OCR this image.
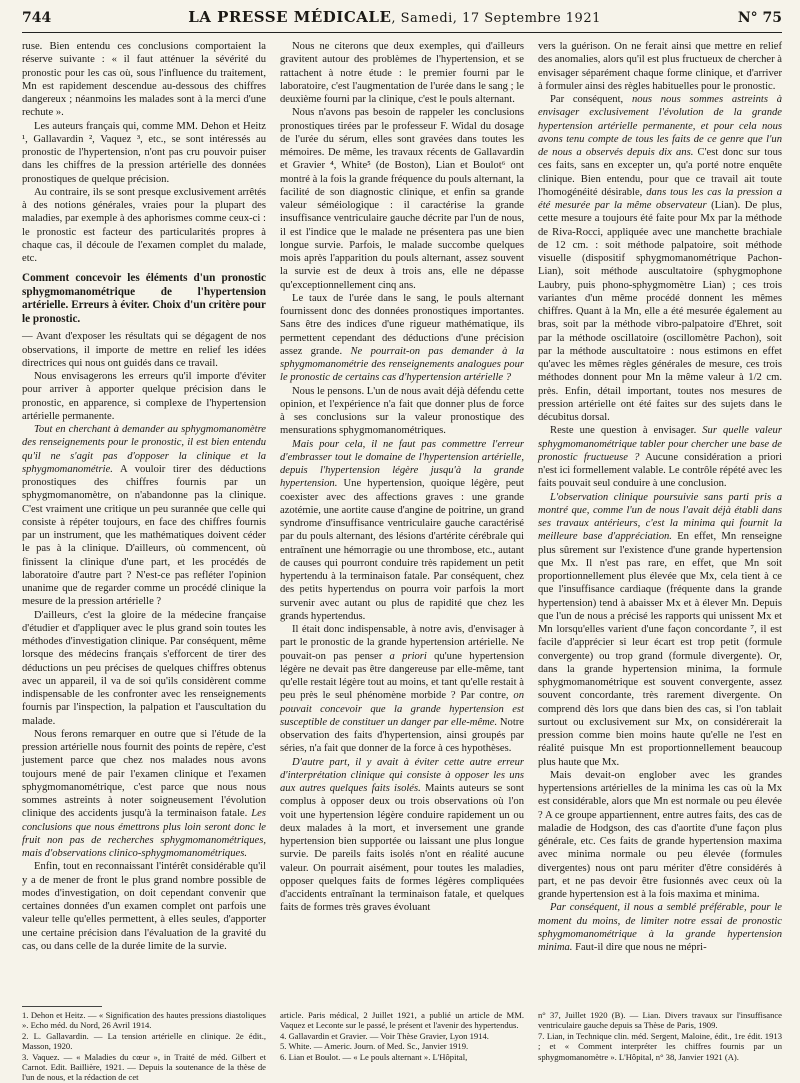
744	LA PRESSE MÉDICALE, Samedi, 17 Septembre 1921	N° 75

ruse. Bien entendu ces conclusions comportaient la réserve suivante : « il faut atténuer la sévérité du pronostic pour les cas où, sous l'influence du traitement, Mn est rapidement descendue au-dessous des chiffres dangereux ; néanmoins les malades sont à la merci d'une rechute ».

Les auteurs français qui, comme MM. Dehon et Heitz ¹, Gallavardin ², Vaquez ³, etc., se sont intéressés au pronostic de l'hypertension, n'ont pas cru pouvoir puiser dans les chiffres de la pression artérielle des données pronostiques de quelque précision.

Au contraire, ils se sont presque exclusivement arrêtés à des notions générales, vraies pour la plupart des maladies, par exemple à des aphorismes comme ceux-ci : le pronostic est facteur des particularités propres à chaque cas, il découle de l'examen complet du malade, etc.

Comment concevoir les éléments d'un pronostic sphygmomanométrique de l'hypertension artérielle. Erreurs à éviter. Choix d'un critère pour le pronostic.

— Avant d'exposer les résultats qui se dégagent de nos observations, il importe de mettre en relief les idées directrices qui nous ont guidés dans ce travail.

Nous envisagerons les erreurs qu'il importe d'éviter pour arriver à apporter quelque précision dans le pronostic, en apparence, si complexe de l'hypertension artérielle permanente.

Tout en cherchant à demander au sphygmomanomètre des renseignements pour le pronostic, il est bien entendu qu'il ne s'agit pas d'opposer la clinique et la sphygmomanométrie. A vouloir tirer des déductions pronostiques des chiffres fournis par un sphygmomanomètre, on n'abandonne pas la clinique. C'est vraiment une critique un peu surannée que celle qui consiste à répéter toujours, en face des chiffres fournis par un instrument, que les mathématiques doivent céder le pas à la clinique. D'ailleurs, où commencent, où finissent la clinique d'une part, et les procédés de laboratoire d'autre part ? N'est-ce pas refléter l'opinion unanime que de regarder comme un procédé clinique la mesure de la pression artérielle ?

D'ailleurs, c'est la gloire de la médecine française d'étudier et d'appliquer avec le plus grand soin toutes les méthodes d'investigation clinique. Par conséquent, même lorsque des médecins français s'efforcent de tirer des déductions un peu précises de quelques chiffres obtenus avec un appareil, il va de soi qu'ils considèrent comme indispensable de les confronter avec les renseignements fournis par l'inspection, la palpation et l'auscultation du malade.

Nous ferons remarquer en outre que si l'étude de la pression artérielle nous fournit des points de repère, c'est justement parce que chez nos malades nous avons toujours mené de pair l'examen clinique et l'examen sphygmomanométrique, c'est parce que nous nous sommes astreints à noter soigneusement l'évolution clinique des accidents jusqu'à la terminaison fatale. Les conclusions que nous émettrons plus loin seront donc le fruit non pas de recherches sphygmomanométriques, mais d'observations clinico-sphygmomanométriques.

Enfin, tout en reconnaissant l'intérêt considérable qu'il y a de mener de front le plus grand nombre possible de modes d'investigation, on doit cependant convenir que certaines données d'un examen complet ont parfois une valeur telle qu'elles permettent, à elles seules, d'apporter une certaine précision dans l'évaluation de la gravité du cas, ou dans celle de la durée limite de la survie.

Nous ne citerons que deux exemples, qui d'ailleurs gravitent autour des problèmes de l'hypertension, et se rattachent à notre étude : le premier fourni par le laboratoire, c'est l'augmentation de l'urée dans le sang ; le deuxième fourni par la clinique, c'est le pouls alternant.

Nous n'avons pas besoin de rappeler les conclusions pronostiques tirées par le professeur F. Widal du dosage de l'urée du sérum, elles sont gravées dans toutes les mémoires. De même, les travaux récents de Gallavardin et Gravier ⁴, White⁵ (de Boston), Lian et Boulot⁶ ont montré à la fois la grande fréquence du pouls alternant, la facilité de son diagnostic clinique, et enfin sa grande valeur séméiologique : il caractérise la grande insuffisance ventriculaire gauche décrite par l'un de nous, il est l'indice que le malade ne présentera pas une bien longue survie. Parfois, le malade succombe quelques mois après l'apparition du pouls alternant, assez souvent la survie est de deux à trois ans, elle ne dépasse qu'exceptionnellement cinq ans.

Le taux de l'urée dans le sang, le pouls alternant fournissent donc des données pronostiques importantes. Sans être des indices d'une rigueur mathématique, ils permettent cependant des déductions d'une précision assez grande. Ne pourrait-on pas demander à la sphygmomanométrie des renseignements analogues pour le pronostic de certains cas d'hypertension artérielle ?

Nous le pensons. L'un de nous avait déjà défendu cette opinion, et l'expérience n'a fait que donner plus de force à ses conclusions sur la valeur pronostique des mensurations sphygmomanométriques.

Mais pour cela, il ne faut pas commettre l'erreur d'embrasser tout le domaine de l'hypertension artérielle, depuis l'hypertension légère jusqu'à la grande hypertension. Une hypertension, quoique légère, peut coexister avec des affections graves : une grande azotémie, une aortite cause d'angine de poitrine, un grand syndrome d'insuffisance ventriculaire gauche caractérisé par du pouls alternant, des lésions d'artérite cérébrale qui entraînent une hémorragie ou une thrombose, etc., autant de causes qui pourront conduire très rapidement un petit hypertendu à la terminaison fatale. Par conséquent, chez des petits hypertendus on pourra voir parfois la mort survenir avec autant ou plus de rapidité que chez les grands hypertendus.

Il était donc indispensable, à notre avis, d'envisager à part le pronostic de la grande hypertension artérielle. Ne pouvait-on pas penser a priori qu'une hypertension légère ne devait pas être dangereuse par elle-même, tant qu'elle restait légère tout au moins, et tant qu'elle restait à peu près le seul phénomène morbide ? Par contre, on pouvait concevoir que la grande hypertension est susceptible de constituer un danger par elle-même. Notre observation des faits d'hypertension, ainsi groupés par séries, n'a fait que donner de la force à ces hypothèses.

D'autre part, il y avait à éviter cette autre erreur d'interprétation clinique qui consiste à opposer les uns aux autres quelques faits isolés. Maints auteurs se sont complus à opposer deux ou trois observations où l'on voit une hypertension légère conduire rapidement un ou deux malades à la mort, et inversement une grande hypertension bien supportée ou laissant une plus longue survie. De pareils faits isolés n'ont en réalité aucune valeur. On pourrait aisément, pour toutes les maladies, opposer quelques faits de formes légères compliquées d'accidents entraînant la terminaison fatale, et quelques faits de formes très graves évoluant

vers la guérison. On ne ferait ainsi que mettre en relief des anomalies, alors qu'il est plus fructueux de chercher à envisager séparément chaque forme clinique, et d'arriver à formuler ainsi des règles habituelles pour le pronostic.

Par conséquent, nous nous sommes astreints à envisager exclusivement l'évolution de la grande hypertension artérielle permanente, et pour cela nous avons tenu compte de tous les faits de ce genre que l'un de nous a observés depuis dix ans. C'est donc sur tous ces faits, sans en excepter un, qu'a porté notre enquête clinique. Bien entendu, pour que ce travail ait toute l'homogénéité désirable, dans tous les cas la pression a été mesurée par la même observateur (Lian). De plus, cette mesure a toujours été faite pour Mx par la méthode de Riva-Rocci, appliquée avec une manchette brachiale de 12 cm. : soit méthode palpatoire, soit méthode visuelle (dispositif sphygmomanométrique Pachon-Lian), soit méthode auscultatoire (sphygmophone Laubry, puis phono-sphygmomètre Lian) ; ces trois variantes d'un même procédé donnent les mêmes chiffres. Quant à la Mn, elle a été mesurée également au bras, soit par la méthode vibro-palpatoire d'Ehret, soit par la méthode oscillatoire (oscillomètre Pachon), soit par la méthode auscultatoire : nous estimons en effet qu'avec les mêmes règles générales de mesure, ces trois méthodes donnent pour Mn la même valeur à 1/2 cm. près. Enfin, détail important, toutes nos mesures de pression artérielle ont été faites sur des sujets dans le décubitus dorsal.

Reste une question à envisager. Sur quelle valeur sphygmomanométrique tabler pour chercher une base de pronostic fructueuse ? Aucune considération a priori n'est ici formellement valable. Le contrôle répété avec les faits pouvait seul conduire à une conclusion.

L'observation clinique poursuivie sans parti pris a montré que, comme l'un de nous l'avait déjà établi dans ses travaux antérieurs, c'est la minima qui fournit la meilleure base d'appréciation. En effet, Mn renseigne plus sûrement sur l'existence d'une grande hypertension que Mx. Il n'est pas rare, en effet, que Mn soit proportionnellement plus élevée que Mx, cela tient à ce que l'insuffisance cardiaque (fréquente dans la grande hypertension) tend à abaisser Mx et à élever Mn. Depuis que l'un de nous a précisé les rapports qui unissent Mx et Mn lorsqu'elles varient d'une façon concordante ⁷, il est facile d'apprécier si leur écart est trop petit (formule convergente) ou trop grand (formule divergente). Or, dans la grande hypertension minima, la formule sphygmomanométrique est souvent convergente, assez souvent concordante, très rarement divergente. On comprend dès lors que dans bien des cas, si l'on tablait surtout ou exclusivement sur Mx, on considérerait la pression comme bien moins haute qu'elle ne l'est en réalité puisque Mn est proportionnellement beaucoup plus haute que Mx.

Mais devait-on englober avec les grandes hypertensions artérielles de la minima les cas où la Mx est considérable, alors que Mn est normale ou peu élevée ? A ce groupe appartiennent, entre autres faits, des cas de maladie de Hodgson, des cas d'aortite d'une façon plus générale, etc. Ces faits de grande hypertension maxima avec minima normale ou peu élevée (formules divergentes) nous ont paru mériter d'être considérés à part, et ne pas devoir être fusionnés avec ceux où la grande hypertension est à la fois maxima et minima.

Par conséquent, il nous a semblé préférable, pour le moment du moins, de limiter notre essai de pronostic sphygmomanométrique à la grande hypertension minima. Faut-il dire que nous ne mépri-

1. Dehon et Heitz. — « Signification des hautes pressions diastoliques ». Echo méd. du Nord, 26 Avril 1914.

2. L. Gallavardin. — La tension artérielle en clinique. 2e édit., Masson, 1920.

3. Vaquez. — « Maladies du cœur », in Traité de méd. Gilbert et Carnot. Edit. Baillière, 1921. — Depuis la soutenance de la thèse de l'un de nous, et la rédaction de cet

article. Paris médical, 2 Juillet 1921, a publié un article de MM. Vaquez et Leconte sur le passé, le présent et l'avenir des hypertendus.

4. Gallavardin et Gravier. — Voir Thèse Gravier, Lyon 1914.

5. White. — Americ. Journ. of Med. Sc., Janvier 1919.

6. Lian et Boulot. — « Le pouls alternant ». L'Hôpital,

n° 37, Juillet 1920 (B). — Lian. Divers travaux sur l'insuffisance ventriculaire gauche depuis sa Thèse de Paris, 1909.

7. Lian, in Technique clin. méd. Sergent, Maloine, édit., 1re édit. 1913 ; et « Comment interpréter les chiffres fournis par un sphygmomanomètre ». L'Hôpital, n° 38, Janvier 1921 (A).
